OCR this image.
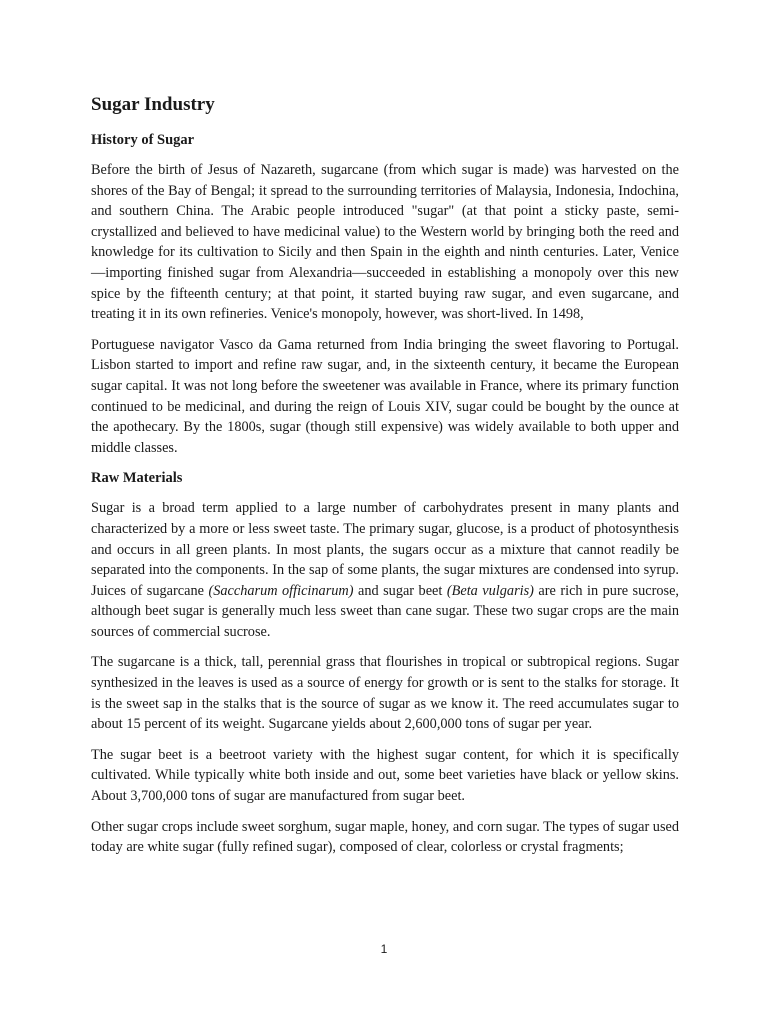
Sugar Industry
History of Sugar

Before the birth of Jesus of Nazareth, sugarcane (from which sugar is made) was harvested on the shores of the Bay of Bengal; it spread to the surrounding territories of Malaysia, Indonesia, Indochina, and southern China. The Arabic people introduced "sugar" (at that point a sticky paste, semi-crystallized and believed to have medicinal value) to the Western world by bringing both the reed and knowledge for its cultivation to Sicily and then Spain in the eighth and ninth centuries. Later, Venice—importing finished sugar from Alexandria—succeeded in establishing a monopoly over this new spice by the fifteenth century; at that point, it started buying raw sugar, and even sugarcane, and treating it in its own refineries. Venice's monopoly, however, was short-lived. In 1498,

Portuguese navigator Vasco da Gama returned from India bringing the sweet flavoring to Portugal. Lisbon started to import and refine raw sugar, and, in the sixteenth century, it became the European sugar capital. It was not long before the sweetener was available in France, where its primary function continued to be medicinal, and during the reign of Louis XIV, sugar could be bought by the ounce at the apothecary. By the 1800s, sugar (though still expensive) was widely available to both upper and middle classes.

Raw Materials

Sugar is a broad term applied to a large number of carbohydrates present in many plants and characterized by a more or less sweet taste. The primary sugar, glucose, is a product of photosynthesis and occurs in all green plants. In most plants, the sugars occur as a mixture that cannot readily be separated into the components. In the sap of some plants, the sugar mixtures are condensed into syrup. Juices of sugarcane (Saccharum officinarum) and sugar beet (Beta vulgaris) are rich in pure sucrose, although beet sugar is generally much less sweet than cane sugar. These two sugar crops are the main sources of commercial sucrose.

The sugarcane is a thick, tall, perennial grass that flourishes in tropical or subtropical regions. Sugar synthesized in the leaves is used as a source of energy for growth or is sent to the stalks for storage. It is the sweet sap in the stalks that is the source of sugar as we know it. The reed accumulates sugar to about 15 percent of its weight. Sugarcane yields about 2,600,000 tons of sugar per year.

The sugar beet is a beetroot variety with the highest sugar content, for which it is specifically cultivated. While typically white both inside and out, some beet varieties have black or yellow skins. About 3,700,000 tons of sugar are manufactured from sugar beet.

Other sugar crops include sweet sorghum, sugar maple, honey, and corn sugar. The types of sugar used today are white sugar (fully refined sugar), composed of clear, colorless or crystal fragments;

1
